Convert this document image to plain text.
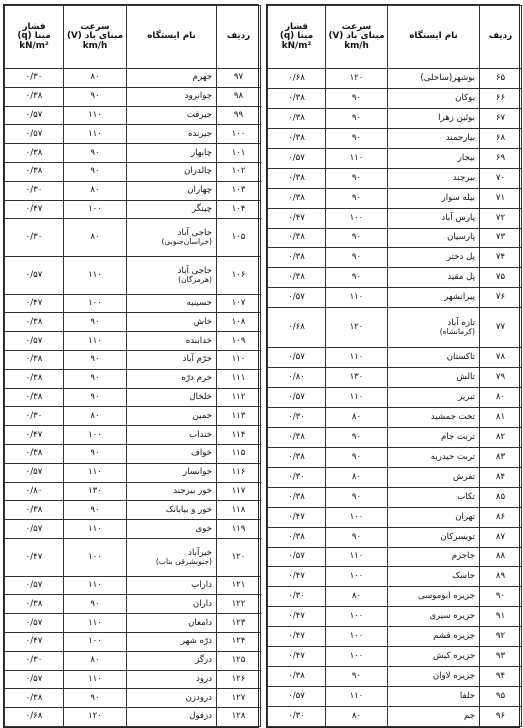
ردیف	نام ایستگاه	سرعت
مبنای باد (V)
km/h	فشار
مبنا (q)
kN/m²

۶۵	بوشهر(ساحلی)	۱۲۰	۰/۶۸
۶۶	بوکان	۹۰	۰/۳۸
۶۷	بوئین زهرا	۹۰	۰/۳۸
۶۸	بیارجمند	۹۰	۰/۳۸
۶۹	بیجار	۱۱۰	۰/۵۷
۷۰	بیرجند	۹۰	۰/۳۸
۷۱	بیله سوار	۹۰	۰/۳۸
۷۲	پارس آباد	۱۰۰	۰/۴۷
۷۳	پارسیان	۹۰	۰/۳۸
۷۴	پل دختر	۹۰	۰/۳۸
۷۵	پل مقید	۹۰	۰/۳۸
۷۶	پیرانشهر	۱۱۰	۰/۵۷
۷۷	تازه آباد
(کرمانشاه)	۱۲۰	۰/۶۸
۷۸	تاکستان	۱۱۰	۰/۵۷
۷۹	تالش	۱۳۰	۰/۸۰
۸۰	تبریز	۱۱۰	۰/۵۷
۸۱	تخت جمشید	۸۰	۰/۳۰
۸۲	تربت جام	۹۰	۰/۳۸
۸۳	تربت حیدریه	۹۰	۰/۳۸
۸۴	تفرش	۸۰	۰/۳۰
۸۵	تکاب	۹۰	۰/۳۸
۸۶	تهران	۱۰۰	۰/۴۷
۸۷	تویسرکان	۹۰	۰/۳۸
۸۸	جاجرم	۱۱۰	۰/۵۷
۸۹	جاسک	۱۰۰	۰/۴۷
۹۰	جزیره ابوموسی	۸۰	۰/۳۰
۹۱	جزیره سیری	۱۰۰	۰/۴۷
۹۲	جزیره قشم	۱۰۰	۰/۴۷
۹۳	جزیره کیش	۱۰۰	۰/۴۷
۹۴	جزیره لاوان	۹۰	۰/۳۸
۹۵	جلفا	۱۱۰	۰/۵۷
۹۶	جم	۸۰	۰/۳۰
ردیف	نام ایستگاه	سرعت
مبنای باد (V)
km/h	فشار
مبنا (q)
kN/m²

۹۷	جهرم	۸۰	۰/۳۰
۹۸	جوانرود	۹۰	۰/۳۸
۹۹	جیرفت	۱۱۰	۰/۵۷
۱۰۰	جیرنده	۱۱۰	۰/۵۷
۱۰۱	چابهار	۹۰	۰/۳۸
۱۰۲	چالدران	۹۰	۰/۳۸
۱۰۳	چهاران	۸۰	۰/۳۰
۱۰۴	چینگر	۱۰۰	۰/۴۷
۱۰۵	حاجی آباد
(خراسان‌جنوبی)	۸۰	۰/۳۰
۱۰۶	حاجی آباد
(هرمزگان)	۱۱۰	۰/۵۷
۱۰۷	حسینیه	۱۰۰	۰/۴۷
۱۰۸	خاش	۹۰	۰/۳۸
۱۰۹	خدابنده	۱۱۰	۰/۵۷
۱۱۰	خرّم آباد	۹۰	۰/۳۸
۱۱۱	خرم درّه	۹۰	۰/۳۸
۱۱۲	خلخال	۹۰	۰/۳۸
۱۱۳	خمین	۸۰	۰/۳۰
۱۱۴	خنداب	۱۰۰	۰/۴۷
۱۱۵	خواف	۹۰	۰/۳۸
۱۱۶	خوانسار	۱۱۰	۰/۵۷
۱۱۷	خور بیرجند	۱۳۰	۰/۸۰
۱۱۸	خور و بیابانک	۹۰	۰/۳۸
۱۱۹	خوی	۱۱۰	۰/۵۷
۱۲۰	خیرآباد
(جنوبشرقی بناب)	۱۰۰	۰/۴۷
۱۲۱	داراب	۱۱۰	۰/۵۷
۱۲۲	داران	۹۰	۰/۳۸
۱۲۳	دامغان	۱۱۰	۰/۵۷
۱۲۴	درّه شهر	۱۰۰	۰/۴۷
۱۲۵	درگز	۸۰	۰/۳۰
۱۲۶	درود	۱۱۰	۰/۵۷
۱۲۷	درودزن	۹۰	۰/۳۸
۱۲۸	دزفول	۱۲۰	۰/۶۸
